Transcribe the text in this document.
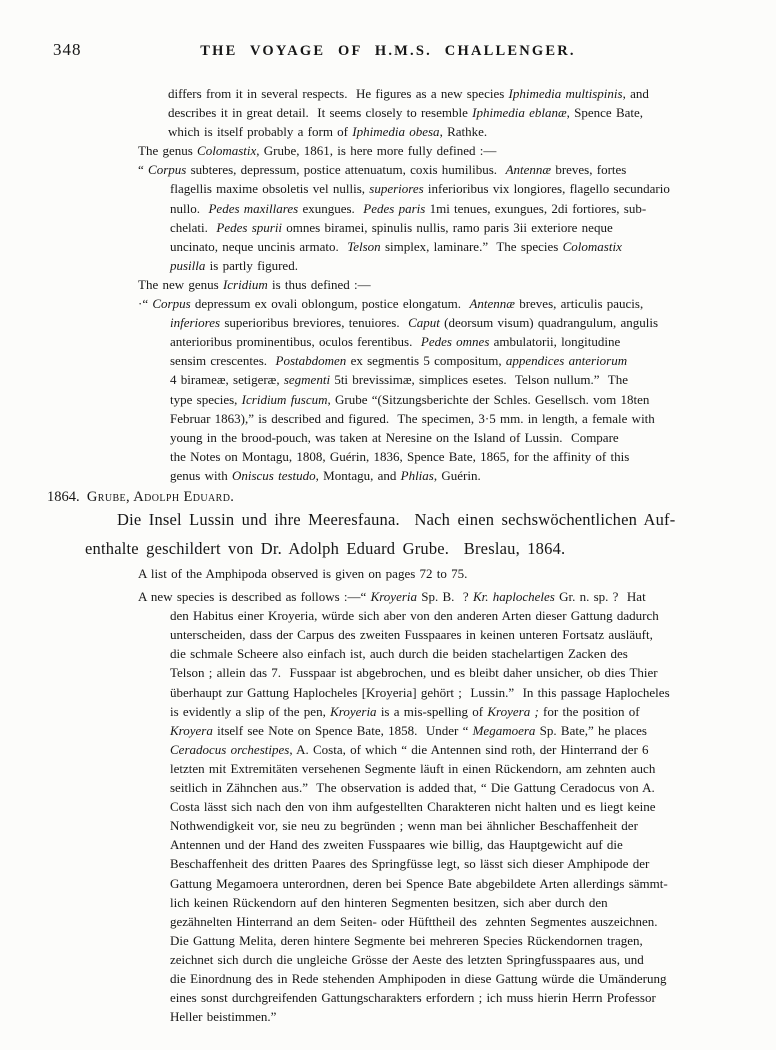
348	THE VOYAGE OF H.M.S. CHALLENGER.
differs from it in several respects.  He figures as a new species Iphimedia multispinis, and
describes it in great detail.  It seems closely to resemble Iphimedia eblanæ, Spence Bate,
which is itself probably a form of Iphimedia obesa, Rathke.
The genus Colomastix, Grube, 1861, is here more fully defined :—
“ Corpus subteres, depressum, postice attenuatum, coxis humilibus.  Antennæ breves, fortes
flagellis maxime obsoletis vel nullis, superiores inferioribus vix longiores, flagello secundario
nullo.  Pedes maxillares exungues.  Pedes paris 1mi tenues, exungues, 2di fortiores, sub-
chelati.  Pedes spurii omnes biramei, spinulis nullis, ramo paris 3ii exteriore neque
uncinato, neque uncinis armato.  Telson simplex, laminare.”  The species Colomastix
pusilla is partly figured.
The new genus Icridium is thus defined :—
·“ Corpus depressum ex ovali oblongum, postice elongatum.  Antennæ breves, articulis paucis,
inferiores superioribus breviores, tenuiores.  Caput (deorsum visum) quadrangulum, angulis
anterioribus prominentibus, oculos ferentibus.  Pedes omnes ambulatorii, longitudine
sensim crescentes.  Postabdomen ex segmentis 5 compositum, appendices anteriorum
4 birameæ, setigeræ, segmenti 5ti brevissimæ, simplices esetes.  Telson nullum.”  The
type species, Icridium fuscum, Grube “(Sitzungsberichte der Schles. Gesellsch. vom 18ten
Februar 1863),” is described and figured.  The specimen, 3·5 mm. in length, a female with
young in the brood-pouch, was taken at Neresine on the Island of Lussin.  Compare
the Notes on Montagu, 1808, Guérin, 1836, Spence Bate, 1865, for the affinity of this
genus with Oniscus testudo, Montagu, and Phlias, Guérin.
1864. Grube, Adolph Eduard.
Die Insel Lussin und ihre Meeresfauna.  Nach einen sechswöchentlichen Auf-
enthalte geschildert von Dr. Adolph Eduard Grube.  Breslau, 1864.
A list of the Amphipoda observed is given on pages 72 to 75.
A new species is described as follows :—“ Kroyeria Sp. B.  ? Kr. haplocheles Gr. n. sp. ?  Hat
den Habitus einer Kroyeria, würde sich aber von den anderen Arten dieser Gattung dadurch
unterscheiden, dass der Carpus des zweiten Fusspaares in keinen unteren Fortsatz ausläuft,
die schmale Scheere also einfach ist, auch durch die beiden stachelartigen Zacken des
Telson ; allein das 7.  Fusspaar ist abgebrochen, und es bleibt daher unsicher, ob dies Thier
überhaupt zur Gattung Haplocheles [Kroyeria] gehört ;  Lussin.”  In this passage Haplocheles
is evidently a slip of the pen, Kroyeria is a mis-spelling of Kroyera ; for the position of
Kroyera itself see Note on Spence Bate, 1858.  Under “ Megamoera Sp. Bate,” he places
Ceradocus orchestipes, A. Costa, of which “ die Antennen sind roth, der Hinterrand der 6
letzten mit Extremitäten versehenen Segmente läuft in einen Rückendorn, am zehnten auch
seitlich in Zähnchen aus.”  The observation is added that, “ Die Gattung Ceradocus von A.
Costa lässt sich nach den von ihm aufgestellten Charakteren nicht halten und es liegt keine
Nothwendigkeit vor, sie neu zu begründen ; wenn man bei ähnlicher Beschaffenheit der
Antennen und der Hand des zweiten Fusspaares wie billig, das Hauptgewicht auf die
Beschaffenheit des dritten Paares des Springfüsse legt, so lässt sich dieser Amphipode der
Gattung Megamoera unterordnen, deren bei Spence Bate abgebildete Arten allerdings sämmt-
lich keinen Rückendorn auf den hinteren Segmenten besitzen, sich aber durch den
gezähnelten Hinterrand an dem Seiten- oder Hüfttheil des  zehnten Segmentes auszeichnen.
Die Gattung Melita, deren hintere Segmente bei mehreren Species Rückendornen tragen,
zeichnet sich durch die ungleiche Grösse der Aeste des letzten Springfusspaares aus, und
die Einordnung des in Rede stehenden Amphipoden in diese Gattung würde die Umänderung
eines sonst durchgreifenden Gattungscharakters erfordern ; ich muss hierin Herrn Professor
Heller beistimmen.”
